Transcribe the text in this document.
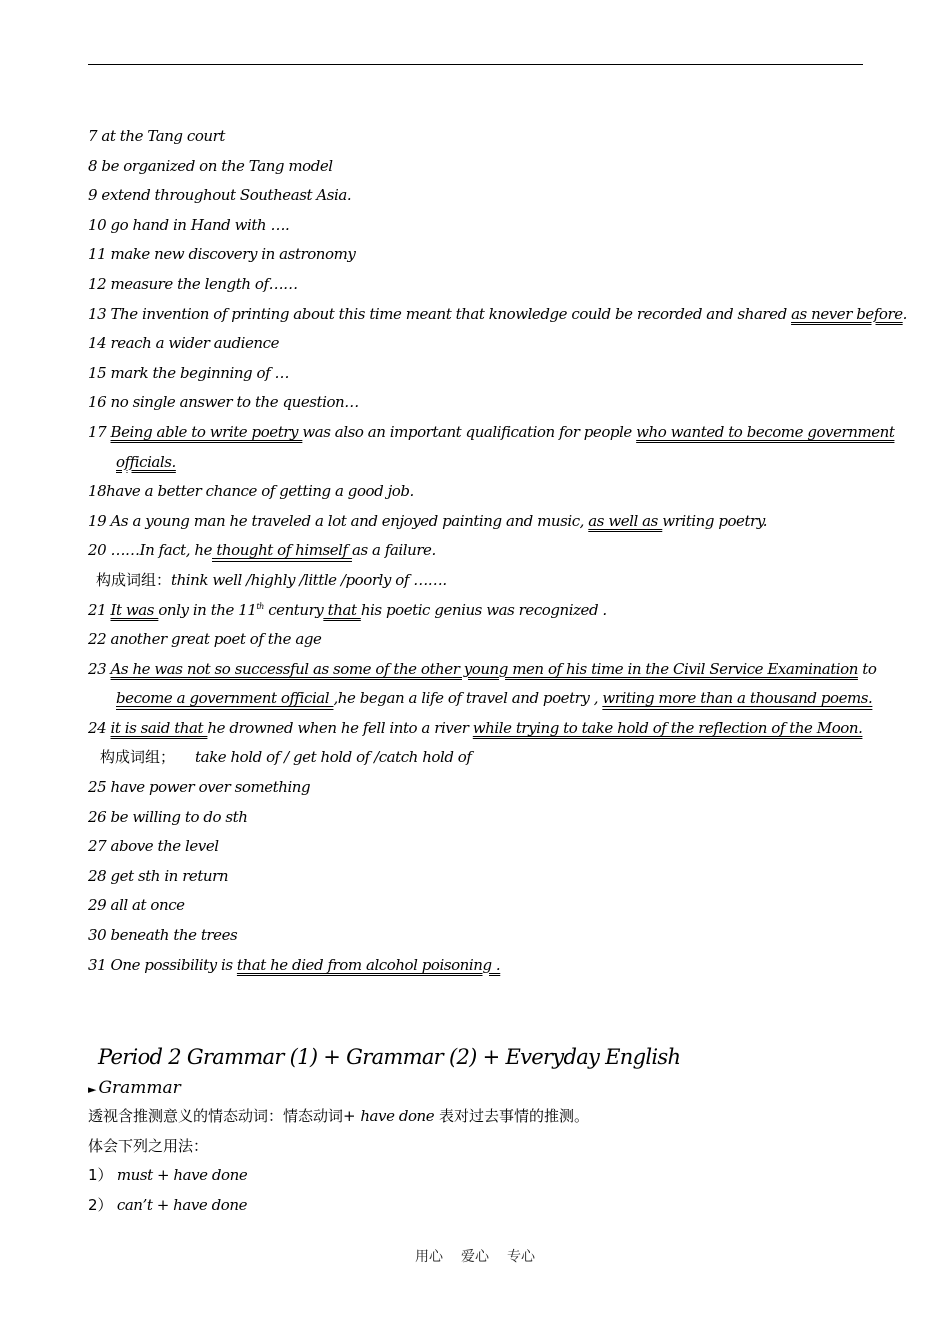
7 at the Tang court
8 be organized on the Tang model
9 extend throughout Southeast Asia.
10 go hand in Hand with ….
11 make new discovery in astronomy
12 measure the length of……
13 The invention of printing about this time meant that knowledge could be recorded and shared as never before.
14 reach a wider audience
15 mark the beginning of …
16 no single answer to the question…
17 Being able to write poetry was also an important qualification for people who wanted to become government
officials.
18have a better chance of getting a good job.
19 As a young man he traveled a lot and enjoyed painting and music, as well as writing poetry.
20 ……In fact, he thought of himself as a failure.
构成词组：think well /highly /little /poorly of …….
21 It was only in the 11th century that his poetic genius was recognized .
22 another great poet of the age
23 As he was not so successful as some of the other young men of his time in the Civil Service Examination to
become a government official ,he began a life of travel and poetry , writing more than a thousand poems.
24 it is said that he drowned when he fell into a river while trying to take hold of the reflection of the Moon.
构成词组； take hold of / get hold of /catch hold of
25 have power over something
26 be willing to do sth
27 above the level
28 get sth in return
29 all at once
30 beneath the trees
31 One possibility is that he died from alcohol poisoning .
Period 2 Grammar (1) + Grammar (2) + Everyday English
► Grammar
透视含推测意义的情态动词：情态动词+ have done 表对过去事情的推测。
体会下列之用法：
1） must + have done
2） can’t + have done
用心 爱心 专心
